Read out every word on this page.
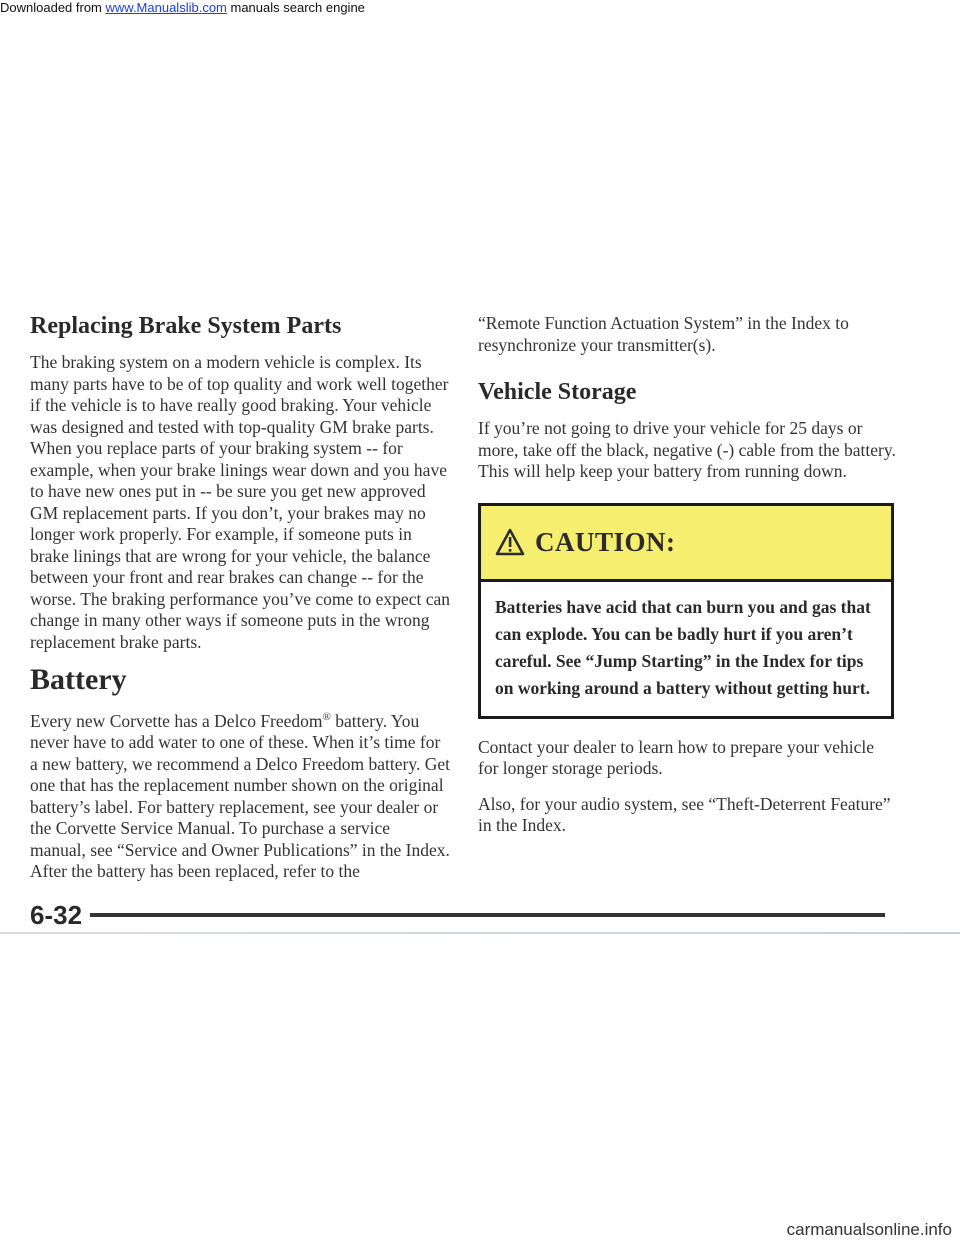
Downloaded from www.Manualslib.com manuals search engine
Replacing Brake System Parts

The braking system on a modern vehicle is complex. Its many parts have to be of top quality and work well together if the vehicle is to have really good braking. Your vehicle was designed and tested with top-quality GM brake parts. When you replace parts of your braking system -- for example, when your brake linings wear down and you have to have new ones put in -- be sure you get new approved GM replacement parts. If you don’t, your brakes may no longer work properly. For example, if someone puts in brake linings that are wrong for your vehicle, the balance between your front and rear brakes can change -- for the worse. The braking performance you’ve come to expect can change in many other ways if someone puts in the wrong replacement brake parts.

Battery

Every new Corvette has a Delco Freedom® battery. You never have to add water to one of these. When it’s time for a new battery, we recommend a Delco Freedom battery. Get one that has the replacement number shown on the original battery’s label. For battery replacement, see your dealer or the Corvette Service Manual. To purchase a service manual, see “Service and Owner Publications” in the Index. After the battery has been replaced, refer to the

“Remote Function Actuation System” in the Index to resynchronize your transmitter(s).

Vehicle Storage

If you’re not going to drive your vehicle for 25 days or more, take off the black, negative (-) cable from the battery. This will help keep your battery from running down.

CAUTION:
Batteries have acid that can burn you and gas that can explode. You can be badly hurt if you aren’t careful. See “Jump Starting” in the Index for tips on working around a battery without getting hurt.

Contact your dealer to learn how to prepare your vehicle for longer storage periods.

Also, for your audio system, see “Theft-Deterrent Feature” in the Index.

6-32
carmanualsonline.info
